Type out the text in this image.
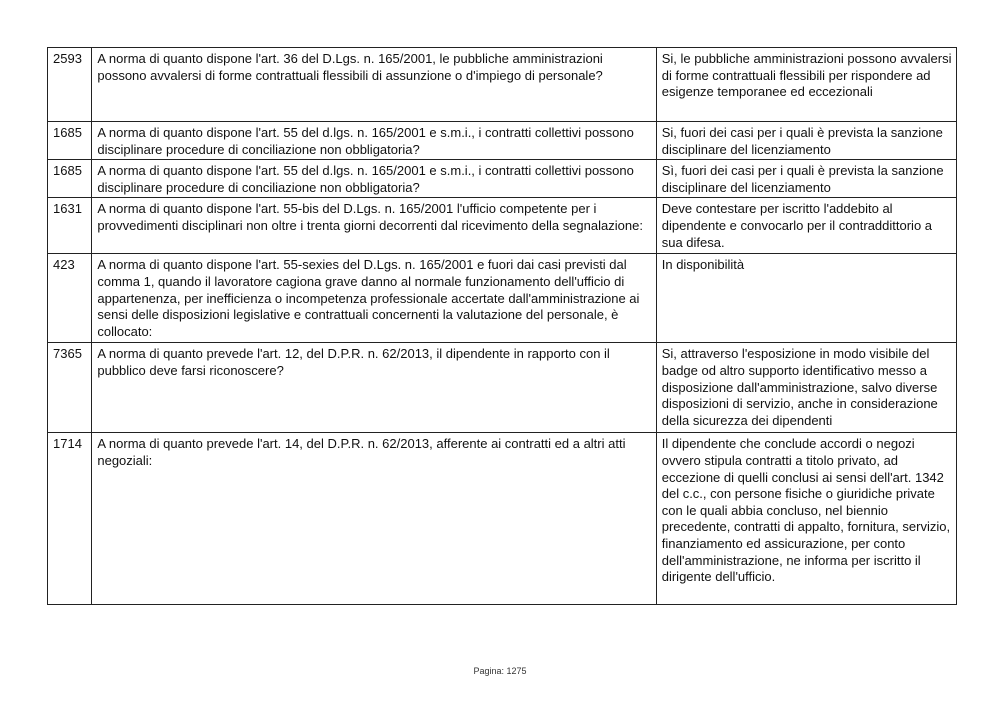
2593	A norma di quanto dispone l'art. 36 del D.Lgs. n. 165/2001, le pubbliche amministrazioni possono avvalersi di forme contrattuali flessibili di assunzione o d'impiego di personale?	Si, le pubbliche amministrazioni possono avvalersi di forme contrattuali flessibili per rispondere ad esigenze temporanee ed eccezionali
1685	A norma di quanto dispone l'art. 55 del d.lgs. n. 165/2001 e s.m.i., i contratti collettivi possono disciplinare procedure di conciliazione non obbligatoria?	Si, fuori dei casi per i quali è prevista la sanzione disciplinare del licenziamento
1685	A norma di quanto dispone l'art. 55 del d.lgs. n. 165/2001 e s.m.i., i contratti collettivi possono disciplinare procedure di conciliazione non obbligatoria?	Sì, fuori dei casi per i quali è prevista la sanzione disciplinare del licenziamento
1631	A norma di quanto dispone l'art. 55-bis del D.Lgs. n. 165/2001 l'ufficio competente per i provvedimenti disciplinari non oltre i trenta giorni decorrenti dal ricevimento della segnalazione:	Deve contestare per iscritto l'addebito al dipendente e convocarlo per il contraddittorio a sua difesa.
423	A norma di quanto dispone l'art. 55-sexies del D.Lgs. n. 165/2001 e fuori dai casi previsti dal comma 1, quando il lavoratore cagiona grave danno al normale funzionamento dell'ufficio di appartenenza, per inefficienza o incompetenza professionale accertate dall'amministrazione ai sensi delle disposizioni legislative e contrattuali concernenti la valutazione del personale, è collocato:	In disponibilità
7365	A norma di quanto prevede l'art. 12, del D.P.R. n. 62/2013, il dipendente in rapporto con il pubblico deve farsi riconoscere?	Si, attraverso l'esposizione in modo visibile del badge od altro supporto identificativo messo a disposizione dall'amministrazione, salvo diverse disposizioni di servizio, anche in considerazione della sicurezza dei dipendenti
1714	A norma di quanto prevede l'art. 14, del D.P.R. n. 62/2013, afferente ai contratti ed a altri atti negoziali:	Il dipendente che conclude accordi o negozi ovvero stipula contratti a titolo privato, ad eccezione di quelli conclusi ai sensi dell'art. 1342 del c.c., con persone fisiche o giuridiche private con le quali abbia concluso, nel biennio precedente, contratti di appalto, fornitura, servizio, finanziamento ed assicurazione, per conto dell'amministrazione, ne informa per iscritto il dirigente dell'ufficio.
Pagina: 1275
